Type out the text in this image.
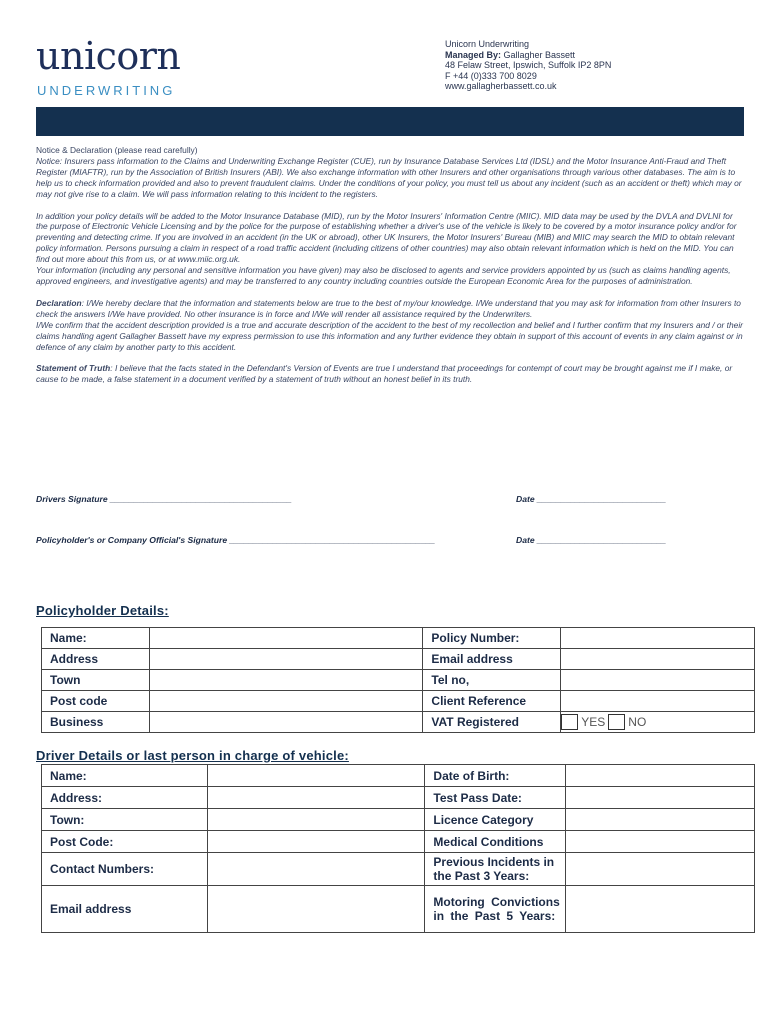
unicorn
UNDERWRITING
Unicorn Underwriting
Managed By: Gallagher Bassett
48 Felaw Street, Ipswich, Suffolk IP2 8PN
F +44 (0)333 700 8029
www.gallagherbassett.co.uk

Notice & Declaration (please read carefully)

Notice: Insurers pass information to the Claims and Underwriting Exchange Register (CUE), run by Insurance Database Services Ltd (IDSL) and the Motor Insurance Anti-Fraud and Theft Register (MIAFTR), run by the Association of British Insurers (ABI). We also exchange information with other Insurers and other organisations through various other databases. The aim is to help us to check information provided and also to prevent fraudulent claims. Under the conditions of your policy, you must tell us about any incident (such as an accident or theft) which may or may not give rise to a claim. We will pass information relating to this incident to the registers.

In addition your policy details will be added to the Motor Insurance Database (MID), run by the Motor Insurers' Information Centre (MIIC). MID data may be used by the DVLA and DVLNI for the purpose of Electronic Vehicle Licensing and by the police for the purpose of establishing whether a driver's use of the vehicle is likely to be covered by a motor insurance policy and/or for preventing and detecting crime. If you are involved in an accident (in the UK or abroad), other UK Insurers, the Motor Insurers' Bureau (MIB) and MIIC may search the MID to obtain relevant policy information. Persons pursuing a claim in respect of a road traffic accident (including citizens of other countries) may also obtain relevant information which is held on the MID. You can find out more about this from us, or at www.miic.org.uk.

Your information (including any personal and sensitive information you have given) may also be disclosed to agents and service providers appointed by us (such as claims handling agents, approved engineers, and investigative agents) and may be transferred to any country including countries outside the European Economic Area for the purposes of administration.

Declaration: I/We hereby declare that the information and statements below are true to the best of my/our knowledge. I/We understand that you may ask for information from other Insurers to check the answers I/We have provided. No other insurance is in force and I/We will render all assistance required by the Underwriters.

I/We confirm that the accident description provided is a true and accurate description of the accident to the best of my recollection and belief and I further confirm that my Insurers and / or their claims handling agent Gallagher Bassett have my express permission to use this information and any further evidence they obtain in support of this account of events in any claim against or in defence of any claim by another party to this accident.

Statement of Truth: I believe that the facts stated in the Defendant's Version of Events are true I understand that proceedings for contempt of court may be brought against me if I make, or cause to be made, a false statement in a document verified by a statement of truth without an honest belief in its truth.

Drivers Signature ______________________________________	Date ___________________________
Policyholder's or Company Official's Signature ___________________________________________	Date ___________________________
Policyholder Details:
Name:		Policy Number:	
Address		Email address	
Town		Tel no,	
Post code		Client Reference	
Business		VAT Registered	YES NO
Driver Details or last person in charge of vehicle:
Name:		Date of Birth:	
Address:		Test Pass Date:	
Town:		Licence Category	
Post Code:		Medical Conditions	
Contact Numbers:		Previous Incidents in the Past 3 Years:	
Email address		Motoring Convictions in the Past 5 Years:	
